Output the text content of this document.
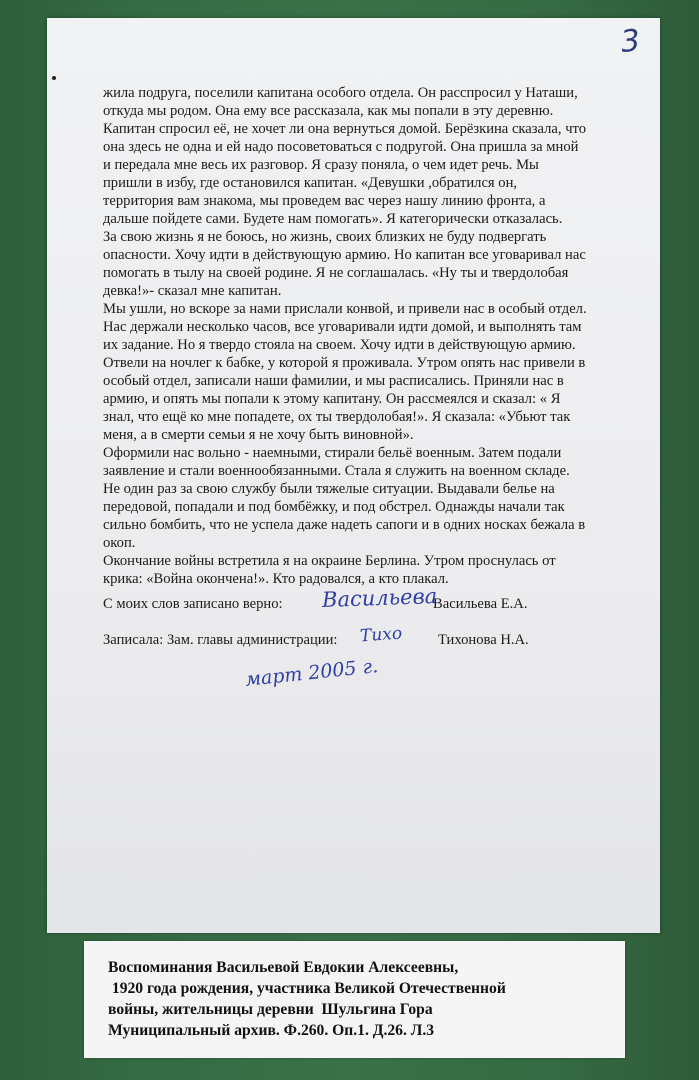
3
жила подруга, поселили капитана особого отдела. Он расспросил у Наташи,
откуда мы родом. Она ему все рассказала, как мы попали в эту деревню.
Капитан спросил её, не хочет ли она вернуться домой. Берёзкина сказала, что
она здесь не одна и ей надо посоветоваться с подругой. Она пришла за мной
и передала мне весь их разговор. Я сразу поняла, о чем идет речь. Мы
пришли в избу, где остановился капитан. «Девушки ,обратился он,
территория вам знакома, мы проведем вас через нашу линию фронта, а
дальше пойдете сами. Будете нам помогать». Я категорически отказалась.
За свою жизнь я не боюсь, но жизнь, своих близких не буду подвергать
опасности. Хочу идти в действующую армию. Но капитан все уговаривал нас
помогать в тылу на своей родине. Я не соглашалась. «Ну ты и твердолобая
девка!»- сказал мне капитан.
Мы ушли, но вскоре за нами прислали конвой, и привели нас в особый отдел.
Нас держали несколько часов, все уговаривали идти домой, и выполнять там
их задание. Но я твердо стояла на своем. Хочу идти в действующую армию.
Отвели на ночлег к бабке, у которой я проживала. Утром опять нас привели в
особый отдел, записали наши фамилии, и мы расписались. Приняли нас в
армию, и опять мы попали к этому капитану. Он рассмеялся и сказал: « Я
знал, что ещё ко мне попадете, ох ты твердолобая!». Я сказала: «Убьют так
меня, а в смерти семьи я не хочу быть виновной».
Оформили нас вольно - наемными, стирали бельё военным. Затем подали
заявление и стали военнообязанными. Стала я служить на военном складе.
Не один раз за свою службу были тяжелые ситуации. Выдавали белье на
передовой, попадали и под бомбёжку, и под обстрел. Однажды начали так
сильно бомбить, что не успела даже надеть сапоги и в одних носках бежала в
окоп.
Окончание войны встретила я на окраине Берлина. Утром проснулась от
крика: «Война окончена!». Кто радовался, а кто плакал.
С моих слов записано верно: Васильева
Васильева Е.А.
Записала: Зам. главы администрации: Тихо Тихонова Н.А.
март 2005 г.
Воспоминания Васильевой Евдокии Алексеевны,
1920 года рождения, участника Великой Отечественной
войны, жительницы деревни  Шульгина Гора
Муниципальный архив. Ф.260. Оп.1. Д.26. Л.3
